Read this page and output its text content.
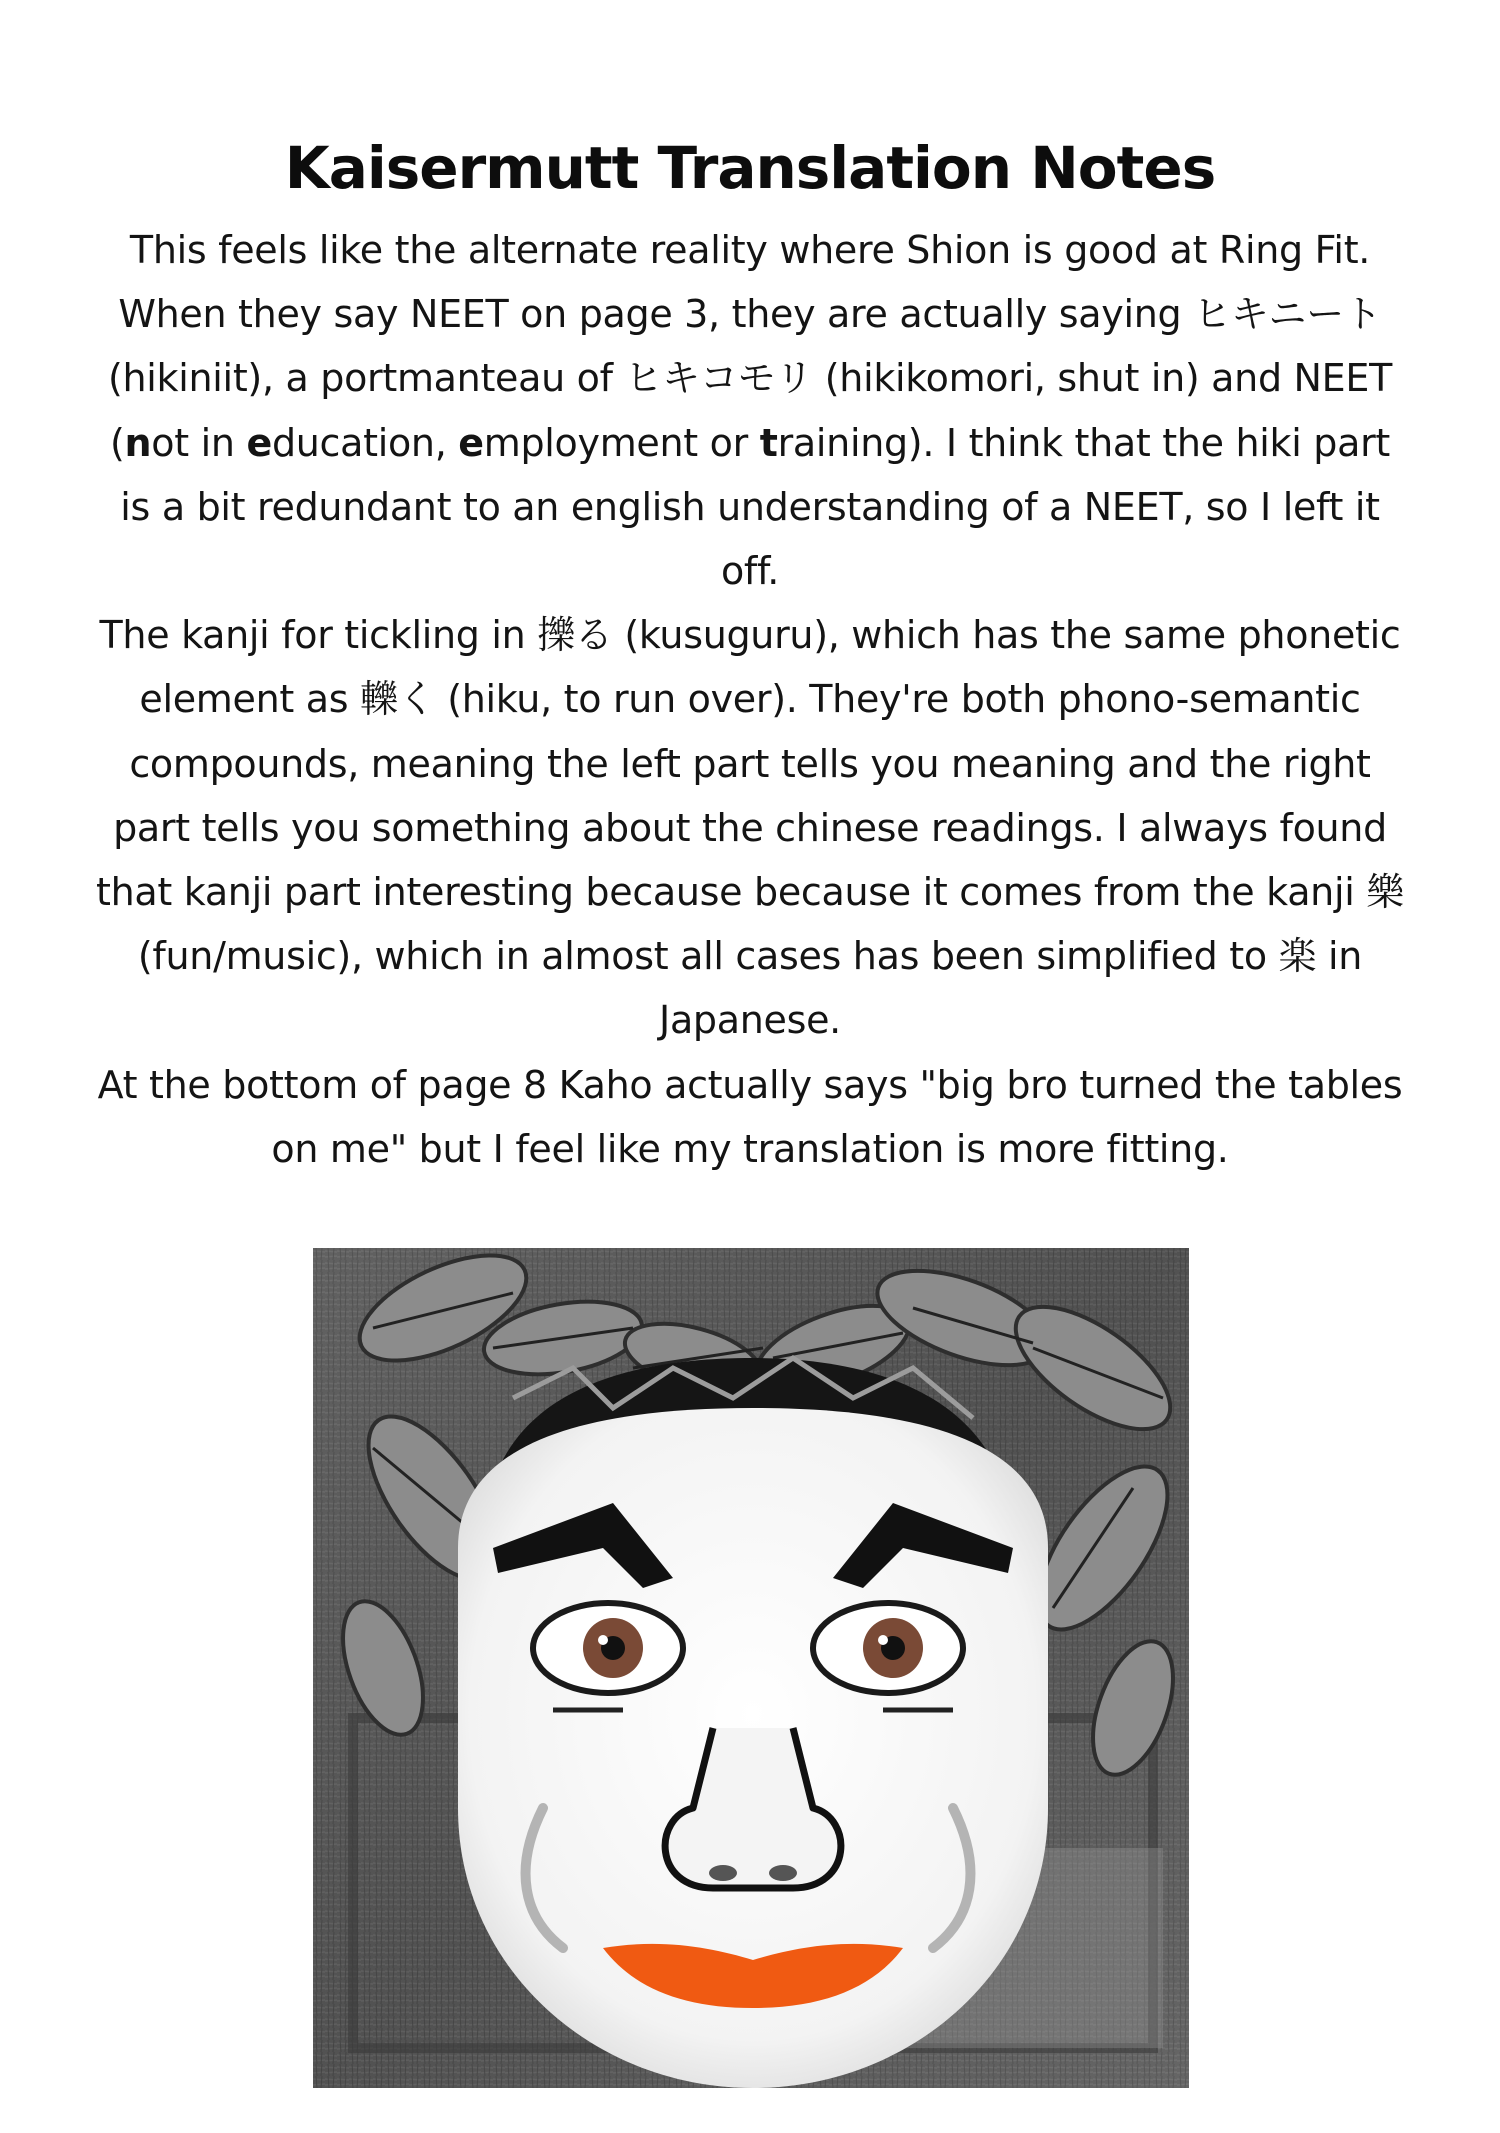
Kaisermutt Translation Notes

This feels like the alternate reality where Shion is good at Ring Fit.

When they say NEET on page 3, they are actually saying ヒキニート (hikiniit), a portmanteau of ヒキコモリ (hikikomori, shut in) and NEET (not in education, employment or training). I think that the hiki part is a bit redundant to an english understanding of a NEET, so I left it off.

The kanji for tickling in 擽る (kusuguru), which has the same phonetic element as 轢く (hiku, to run over). They're both phono-semantic compounds, meaning the left part tells you meaning and the right part tells you something about the chinese readings. I always found that kanji part interesting because because it comes from the kanji 樂 (fun/music), which in almost all cases has been simplified to 楽 in Japanese.

At the bottom of page 8 Kaho actually says "big bro turned the tables on me" but I feel like my translation is more fitting.
